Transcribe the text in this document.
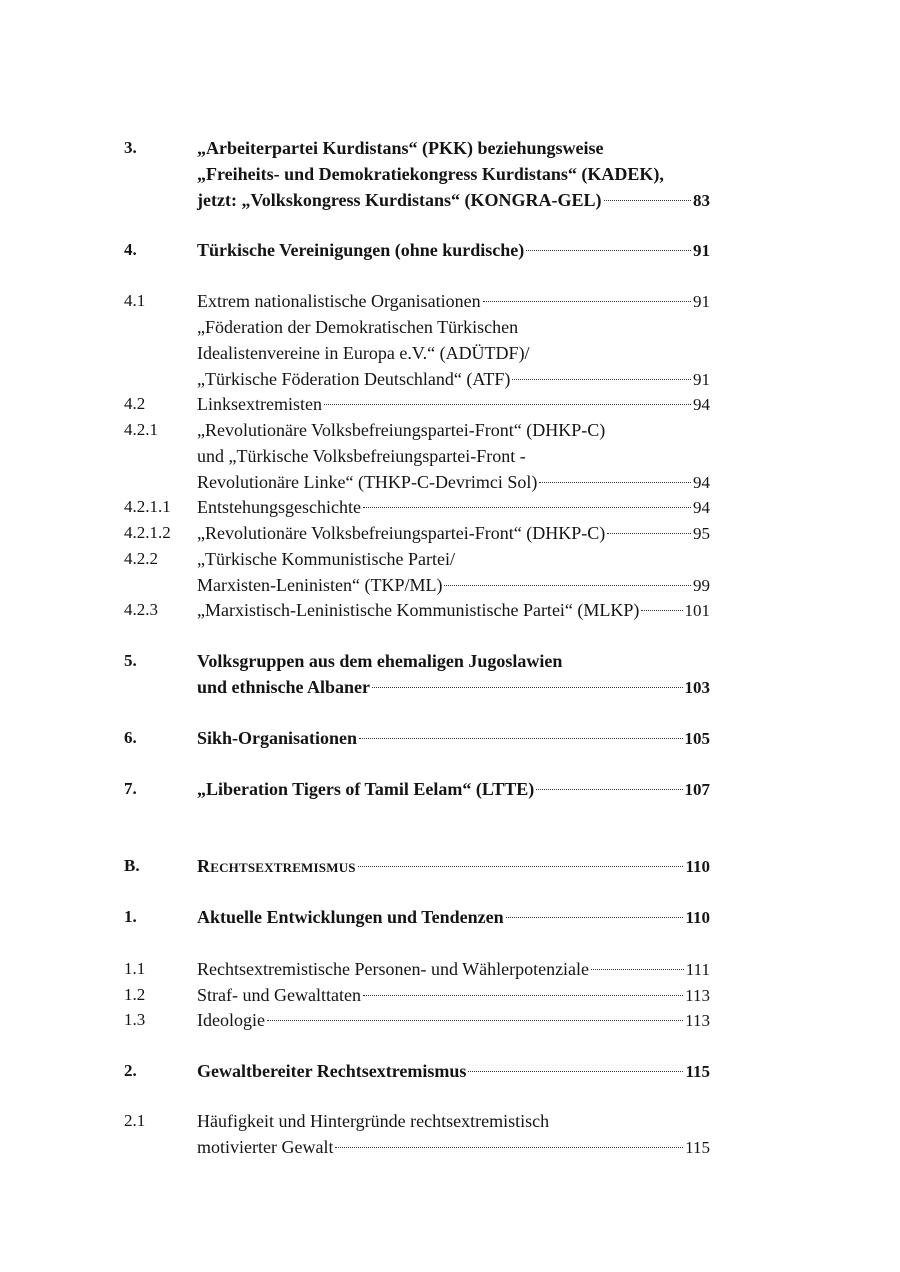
3.	„Arbeiterpartei Kurdistans“ (PKK) beziehungsweise
„Freiheits- und Demokratiekongress Kurdistans“ (KADEK),
jetzt: „Volkskongress Kurdistans“ (KONGRA-GEL)	83
4.	Türkische Vereinigungen (ohne kurdische)	91
4.1	Extrem nationalistische Organisationen	91
„Föderation der Demokratischen Türkischen
Idealistenvereine in Europa e.V.“ (ADÜTDF)/
„Türkische Föderation Deutschland“ (ATF)	91
4.2	Linksextremisten	94
4.2.1 „Revolutionäre Volksbefreiungspartei-Front“ (DHKP-C)
und „Türkische Volksbefreiungspartei-Front -
Revolutionäre Linke“ (THKP-C-Devrimci Sol)	94
4.2.1.1 Entstehungsgeschichte	94
4.2.1.2 „Revolutionäre Volksbefreiungspartei-Front“ (DHKP-C)	95
4.2.2 „Türkische Kommunistische Partei/
Marxisten-Leninisten“ (TKP/ML)	99
4.2.3 „Marxistisch-Leninistische Kommunistische Partei“ (MLKP)	101
5.	Volksgruppen aus dem ehemaligen Jugoslawien
und ethnische Albaner	103
6.	Sikh-Organisationen	105
7.	„Liberation Tigers of Tamil Eelam“ (LTTE)	107
B.	Rechtsextremismus	110
1.	Aktuelle Entwicklungen und Tendenzen	110
1.1	Rechtsextremistische Personen- und Wählerpotenziale	111
1.2	Straf- und Gewalttaten	113
1.3	Ideologie	113
2.	Gewaltbereiter Rechtsextremismus	115
2.1	Häufigkeit und Hintergründe rechtsextremistisch
motivierter Gewalt	115
